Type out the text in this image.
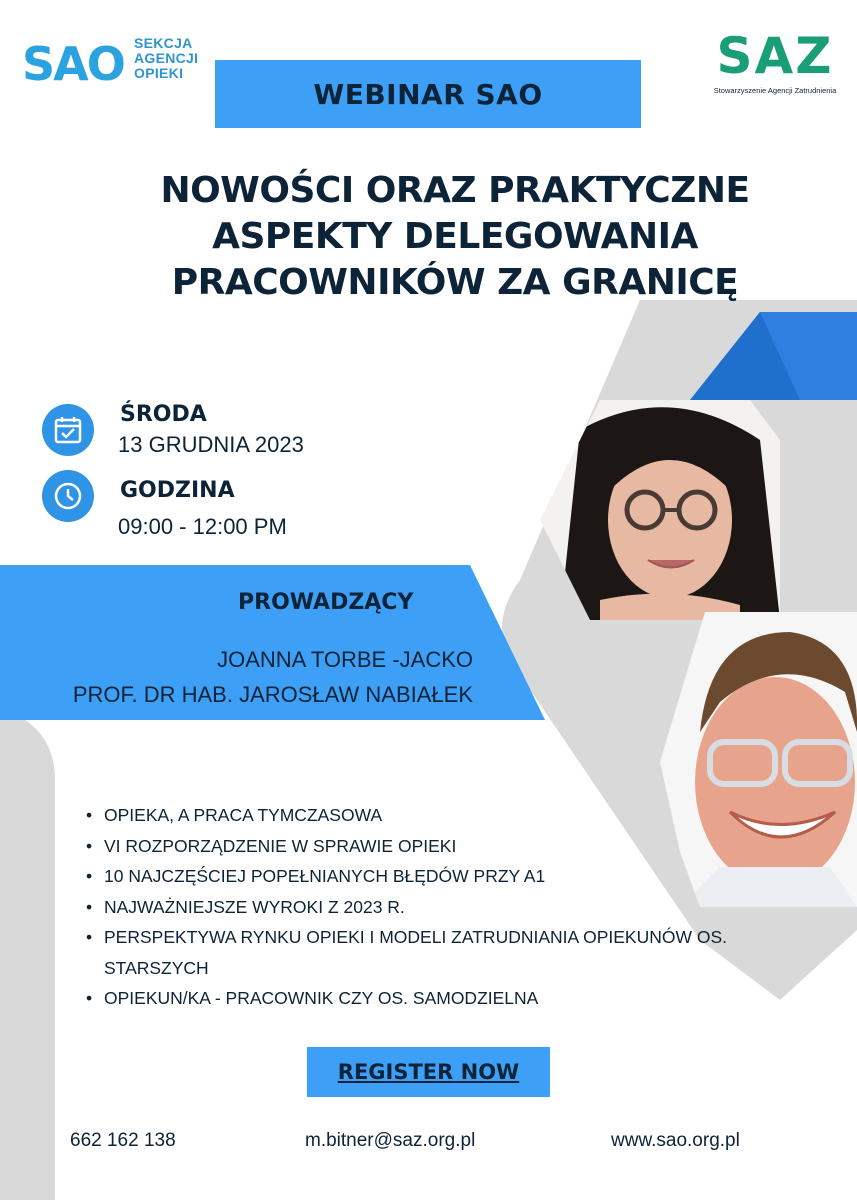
SAO SEKCJA
AGENCJI
OPIEKI	SAZ
Stowarzyszenie Agencji Zatrudnienia
WEBINAR SAO
NOWOŚCI ORAZ PRAKTYCZNE
ASPEKTY DELEGOWANIA
PRACOWNIKÓW ZA GRANICĘ
ŚRODA
13 GRUDNIA 2023
GODZINA
09:00 - 12:00 PM
PROWADZĄCY
JOANNA TORBE -JACKO
PROF. DR HAB. JAROSŁAW NABIAŁEK
• OPIEKA, A PRACA TYMCZASOWA
• VI ROZPORZĄDZENIE W SPRAWIE OPIEKI
• 10 NAJCZĘŚCIEJ POPEŁNIANYCH BŁĘDÓW PRZY A1
• NAJWAŻNIEJSZE WYROKI Z 2023 R.
• PERSPEKTYWA RYNKU OPIEKI I MODELI ZATRUDNIANIA OPIEKUNÓW OS. STARSZYCH
• OPIEKUN/KA - PRACOWNIK CZY OS. SAMODZIELNA
REGISTER NOW
662 162 138	m.bitner@saz.org.pl	www.sao.org.pl
